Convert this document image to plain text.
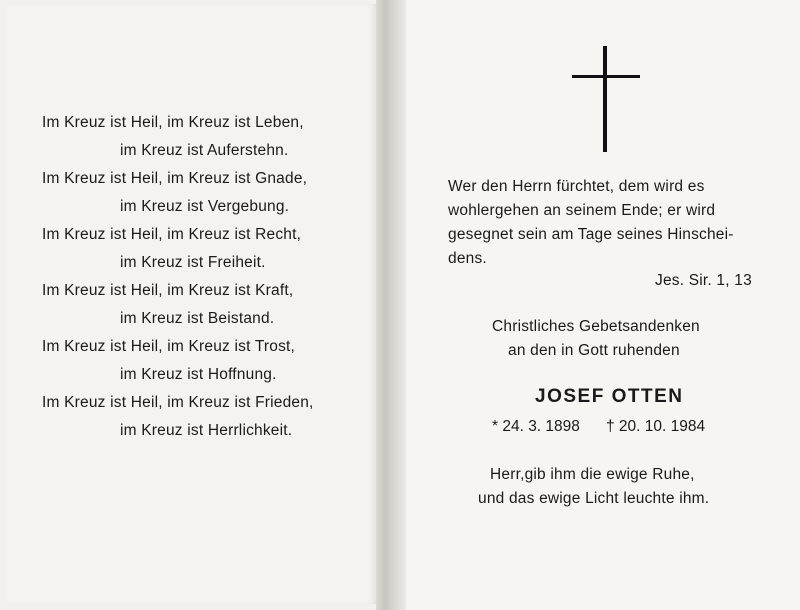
Im Kreuz ist Heil, im Kreuz ist Leben,
im Kreuz ist Auferstehn.
Im Kreuz ist Heil, im Kreuz ist Gnade,
im Kreuz ist Vergebung.
Im Kreuz ist Heil, im Kreuz ist Recht,
im Kreuz ist Freiheit.
Im Kreuz ist Heil, im Kreuz ist Kraft,
im Kreuz ist Beistand.
Im Kreuz ist Heil, im Kreuz ist Trost,
im Kreuz ist Hoffnung.
Im Kreuz ist Heil, im Kreuz ist Frieden,
im Kreuz ist Herrlichkeit.
Wer den Herrn fürchtet, dem wird es
wohlergehen an seinem Ende; er wird
gesegnet sein am Tage seines Hinschei-
dens.
Jes. Sir. 1, 13
Christliches Gebetsandenken
an den in Gott ruhenden
JOSEF OTTEN
* 24. 3. 1898 † 20. 10. 1984
Herr,gib ihm die ewige Ruhe,
und das ewige Licht leuchte ihm.
